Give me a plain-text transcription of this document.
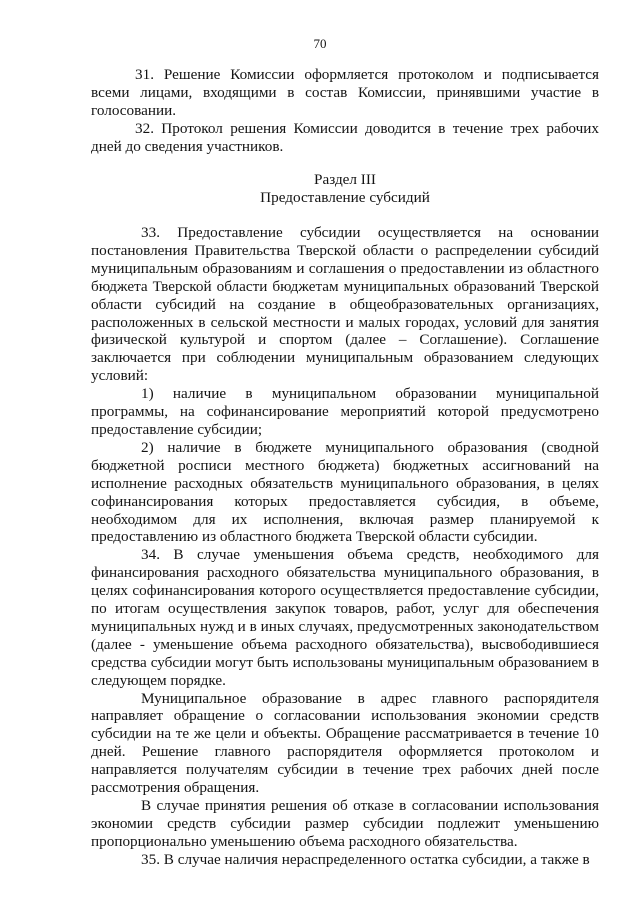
70

31. Решение Комиссии оформляется протоколом и подписывается всеми лицами, входящими в состав Комиссии, принявшими участие в голосовании.

32. Протокол решения Комиссии доводится в течение трех рабочих дней до сведения участников.

Раздел III
Предоставление субсидий

33. Предоставление субсидии осуществляется на основании постановления Правительства Тверской области о распределении субсидий муниципальным образованиям и соглашения о предоставлении из областного бюджета Тверской области бюджетам муниципальных образований Тверской области субсидий на создание в общеобразовательных организациях, расположенных в сельской местности и малых городах, условий для занятия физической культурой и спортом (далее – Соглашение). Соглашение заключается при соблюдении муниципальным образованием следующих условий:

1) наличие в муниципальном образовании муниципальной программы, на софинансирование мероприятий которой предусмотрено предоставление субсидии;

2) наличие в бюджете муниципального образования (сводной бюджетной росписи местного бюджета) бюджетных ассигнований на исполнение расходных обязательств муниципального образования, в целях софинансирования которых предоставляется субсидия, в объеме, необходимом для их исполнения, включая размер планируемой к предоставлению из областного бюджета Тверской области субсидии.

34. В случае уменьшения объема средств, необходимого для финансирования расходного обязательства муниципального образования, в целях софинансирования которого осуществляется предоставление субсидии, по итогам осуществления закупок товаров, работ, услуг для обеспечения муниципальных нужд и в иных случаях, предусмотренных законодательством (далее - уменьшение объема расходного обязательства), высвободившиеся средства субсидии могут быть использованы муниципальным образованием в следующем порядке.

Муниципальное образование в адрес главного распорядителя направляет обращение о согласовании использования экономии средств субсидии на те же цели и объекты. Обращение рассматривается в течение 10 дней. Решение главного распорядителя оформляется протоколом и направляется получателям субсидии в течение трех рабочих дней после рассмотрения обращения.

В случае принятия решения об отказе в согласовании использования экономии средств субсидии размер субсидии подлежит уменьшению пропорционально уменьшению объема расходного обязательства.

35. В случае наличия нераспределенного остатка субсидии, а также в
